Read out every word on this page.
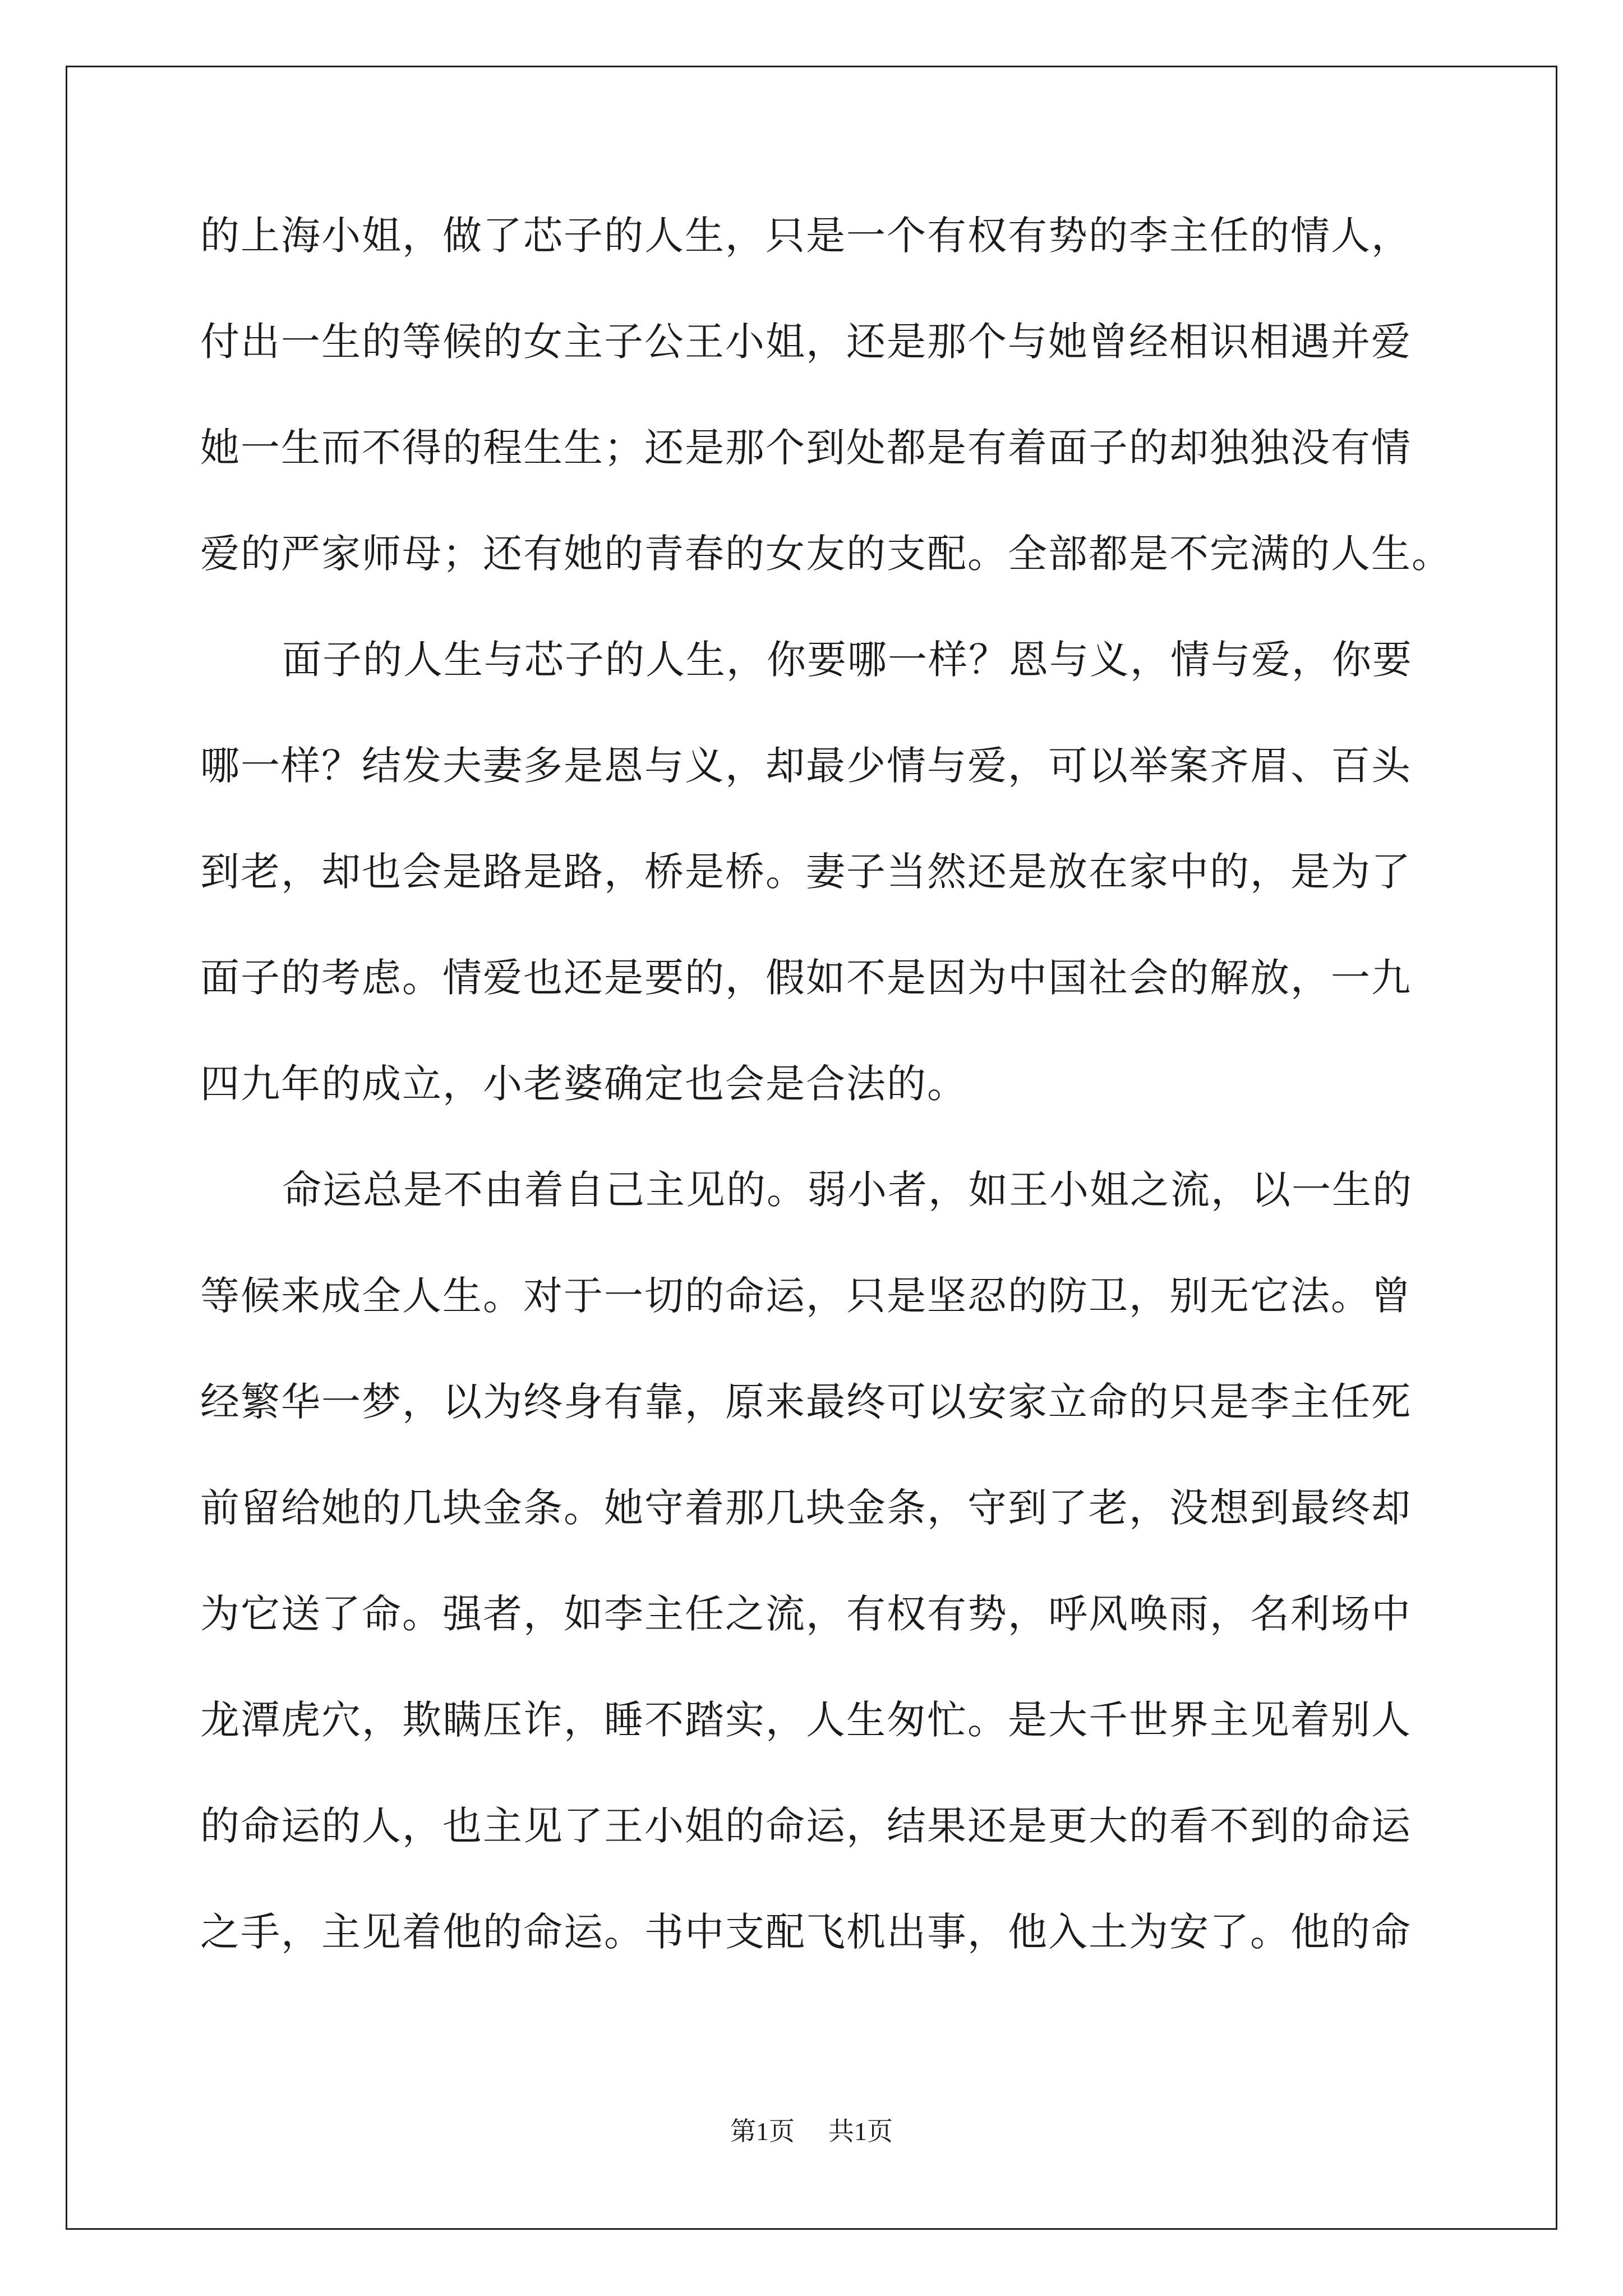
的上海小姐，做了芯子的人生，只是一个有权有势的李主任的情人，
付出一生的等候的女主子公王小姐，还是那个与她曾经相识相遇并爱
她一生而不得的程生生；还是那个到处都是有着面子的却独独没有情
爱的严家师母；还有她的青春的女友的支配。全部都是不完满的人生。
面子的人生与芯子的人生，你要哪一样？恩与义，情与爱，你要
哪一样？结发夫妻多是恩与义，却最少情与爱，可以举案齐眉、百头
到老，却也会是路是路，桥是桥。妻子当然还是放在家中的，是为了
面子的考虑。情爱也还是要的，假如不是因为中国社会的解放，一九
四九年的成立，小老婆确定也会是合法的。
命运总是不由着自己主见的。弱小者，如王小姐之流，以一生的
等候来成全人生。对于一切的命运，只是坚忍的防卫，别无它法。曾
经繁华一梦，以为终身有靠，原来最终可以安家立命的只是李主任死
前留给她的几块金条。她守着那几块金条，守到了老，没想到最终却
为它送了命。强者，如李主任之流，有权有势，呼风唤雨，名利场中
龙潭虎穴，欺瞒压诈，睡不踏实，人生匆忙。是大千世界主见着别人
的命运的人，也主见了王小姐的命运，结果还是更大的看不到的命运
之手，主见着他的命运。书中支配飞机出事，他入土为安了。他的命
第1页 共1页
